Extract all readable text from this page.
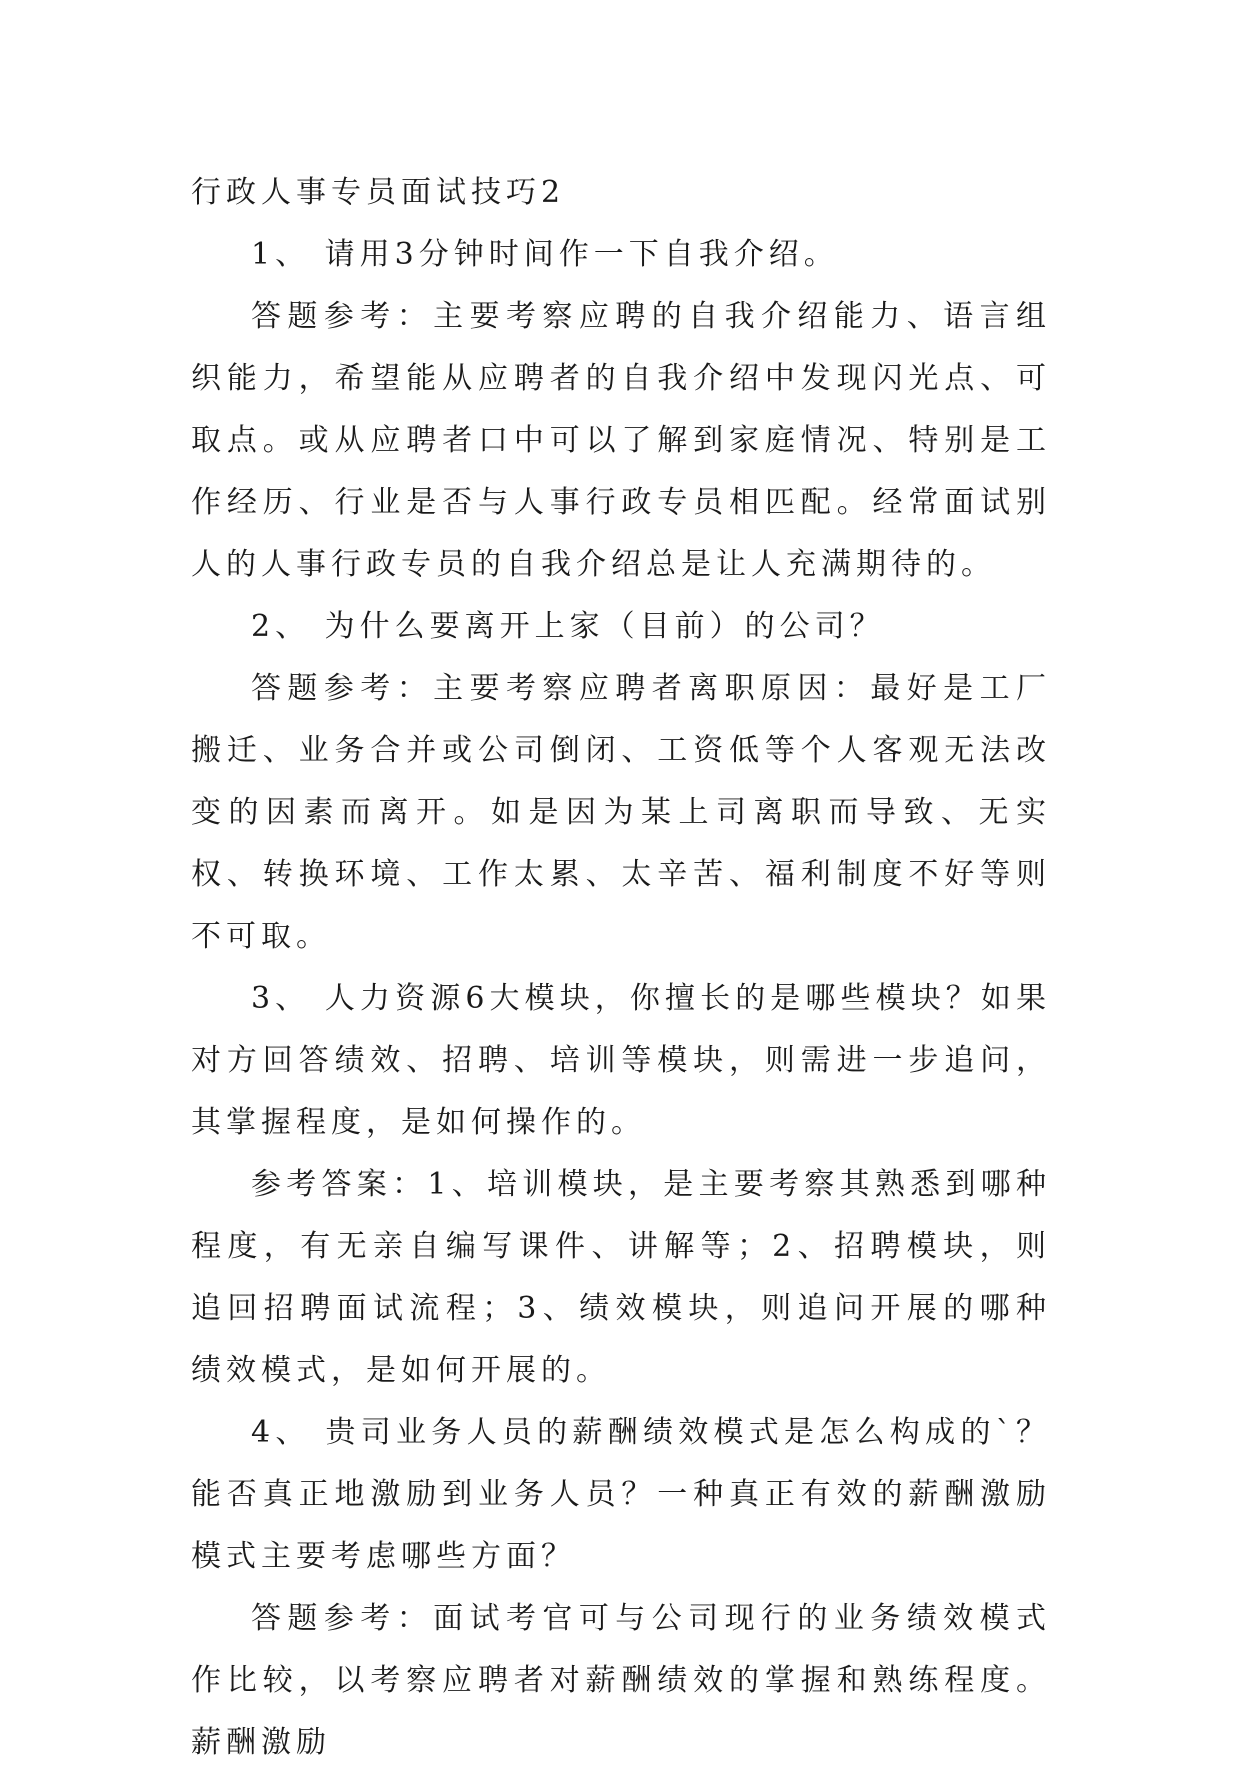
行政人事专员面试技巧2

1、 请用3分钟时间作一下自我介绍。

答题参考：主要考察应聘的自我介绍能力、语言组织能力，希望能从应聘者的自我介绍中发现闪光点、可取点。或从应聘者口中可以了解到家庭情况、特别是工作经历、行业是否与人事行政专员相匹配。经常面试别人的人事行政专员的自我介绍总是让人充满期待的。

2、 为什么要离开上家（目前）的公司？

答题参考：主要考察应聘者离职原因：最好是工厂搬迁、业务合并或公司倒闭、工资低等个人客观无法改变的因素而离开。如是因为某上司离职而导致、无实权、转换环境、工作太累、太辛苦、福利制度不好等则不可取。

3、 人力资源6大模块，你擅长的是哪些模块？如果对方回答绩效、招聘、培训等模块，则需进一步追问，其掌握程度，是如何操作的。

参考答案：1、培训模块，是主要考察其熟悉到哪种程度，有无亲自编写课件、讲解等；2、招聘模块，则追回招聘面试流程；3、绩效模块，则追问开展的哪种绩效模式，是如何开展的。

4、 贵司业务人员的薪酬绩效模式是怎么构成的`？能否真正地激励到业务人员？一种真正有效的薪酬激励模式主要考虑哪些方面？

答题参考：面试考官可与公司现行的业务绩效模式作比较，以考察应聘者对薪酬绩效的掌握和熟练程度。薪酬激励
